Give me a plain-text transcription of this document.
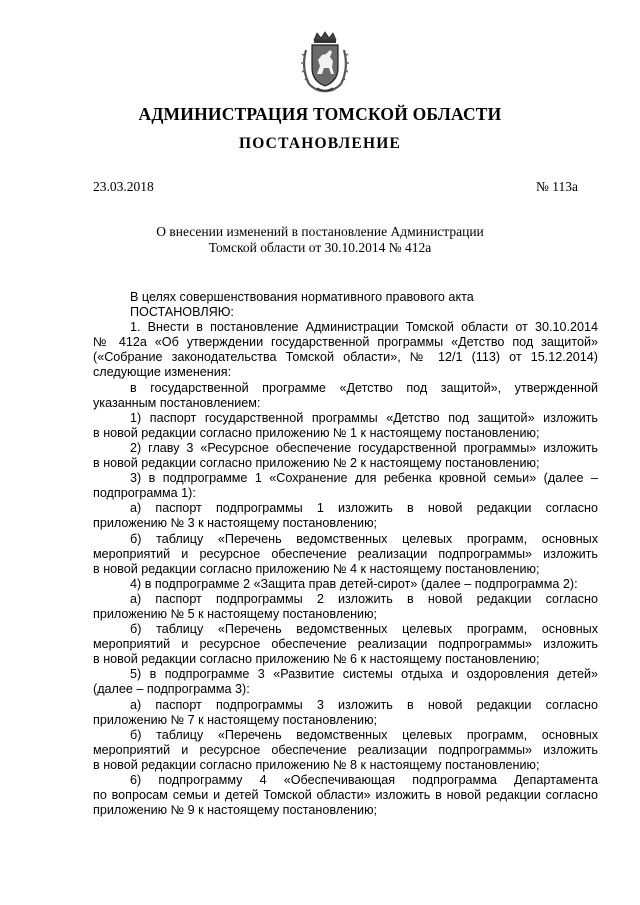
АДМИНИСТРАЦИЯ ТОМСКОЙ ОБЛАСТИ
ПОСТАНОВЛЕНИЕ
23.03.2018	№ 113а
О внесении изменений в постановление Администрации
Томской области от 30.10.2014 № 412а
В целях совершенствования нормативного правового акта
ПОСТАНОВЛЯЮ:
1. Внести в постановление Администрации Томской области от 30.10.2014
№ 412а «Об утверждении государственной программы «Детство под защитой»
(«Собрание законодательства Томской области», № 12/1 (113) от 15.12.2014)
следующие изменения:
в государственной программе «Детство под защитой», утвержденной
указанным постановлением:
1) паспорт государственной программы «Детство под защитой» изложить
в новой редакции согласно приложению № 1 к настоящему постановлению;
2) главу 3 «Ресурсное обеспечение государственной программы» изложить
в новой редакции согласно приложению № 2 к настоящему постановлению;
3) в подпрограмме 1 «Сохранение для ребенка кровной семьи» (далее –
подпрограмма 1):
а) паспорт подпрограммы 1 изложить в новой редакции согласно
приложению № 3 к настоящему постановлению;
б) таблицу «Перечень ведомственных целевых программ, основных
мероприятий и ресурсное обеспечение реализации подпрограммы» изложить
в новой редакции согласно приложению № 4 к настоящему постановлению;
4) в подпрограмме 2 «Защита прав детей-сирот» (далее – подпрограмма 2):
а) паспорт подпрограммы 2 изложить в новой редакции согласно
приложению № 5 к настоящему постановлению;
б) таблицу «Перечень ведомственных целевых программ, основных
мероприятий и ресурсное обеспечение реализации подпрограммы» изложить
в новой редакции согласно приложению № 6 к настоящему постановлению;
5) в подпрограмме 3 «Развитие системы отдыха и оздоровления детей»
(далее – подпрограмма 3):
а) паспорт подпрограммы 3 изложить в новой редакции согласно
приложению № 7 к настоящему постановлению;
б) таблицу «Перечень ведомственных целевых программ, основных
мероприятий и ресурсное обеспечение реализации подпрограммы» изложить
в новой редакции согласно приложению № 8 к настоящему постановлению;
6) подпрограмму 4 «Обеспечивающая подпрограмма Департамента
по вопросам семьи и детей Томской области» изложить в новой редакции согласно
приложению № 9 к настоящему постановлению;
